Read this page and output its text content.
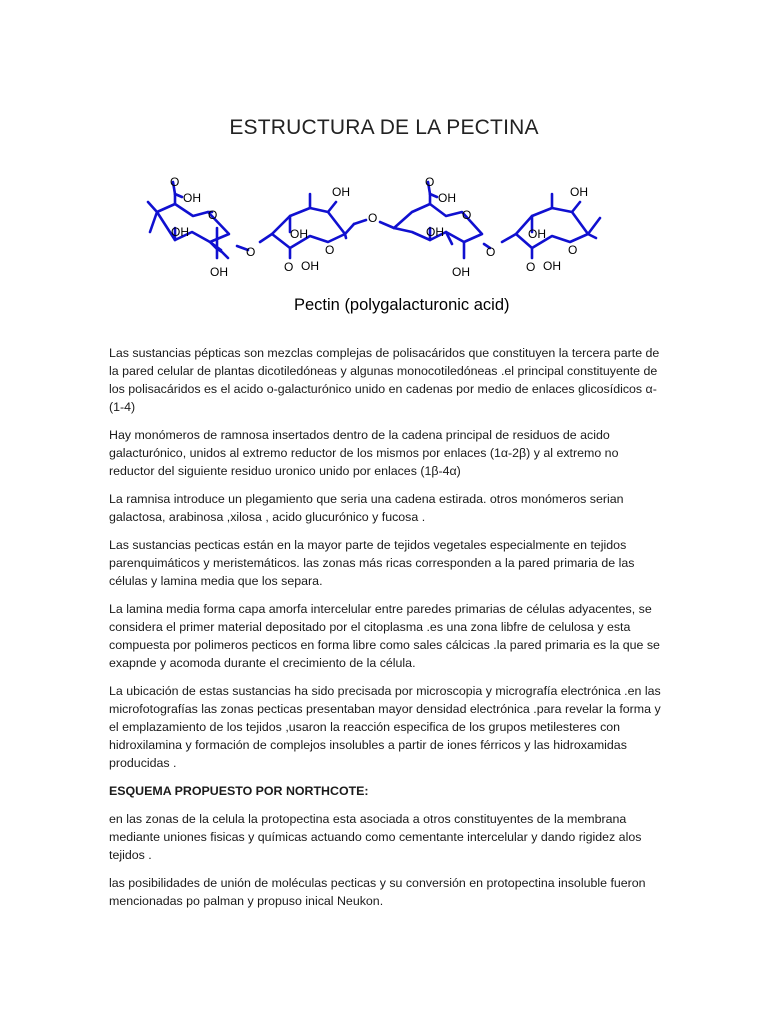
ESTRUCTURA DE LA PECTINA
O
OH
O
OH
OH
O
OH
OH
O
O OH
O
O
OH
O
OH
OH
O
OH
OH
O
O OH
Pectin (polygalacturonic acid)

Las sustancias pépticas son mezclas complejas de polisacáridos que constituyen la tercera parte de la pared celular de plantas dicotiledóneas y algunas monocotiledóneas .el principal constituyente de los polisacáridos es el acido o-galacturónico unido en cadenas por medio de enlaces glicosídicos α-(1-4)

Hay monómeros de ramnosa insertados dentro de la cadena principal de residuos de acido galacturónico, unidos al extremo reductor de los mismos por enlaces (1α-2β) y al extremo no reductor del siguiente residuo uronico unido por enlaces (1β-4α)

La ramnisa introduce un plegamiento que seria una cadena estirada. otros monómeros serian galactosa, arabinosa ,xilosa , acido glucurónico y fucosa .

Las sustancias pecticas están en la mayor parte de tejidos vegetales especialmente en tejidos parenquimáticos y meristemáticos. las zonas más ricas corresponden a la pared primaria de las células y lamina media que los separa.

La lamina media forma capa amorfa intercelular entre paredes primarias de células adyacentes, se considera el primer material depositado por el citoplasma .es una zona libfre de celulosa y esta compuesta por polimeros pecticos en forma libre como sales cálcicas .la pared primaria es la que se exapnde y acomoda durante el crecimiento de la célula.

La ubicación de estas sustancias ha sido precisada por microscopia y micrografía electrónica .en las microfotografías las zonas pecticas presentaban mayor densidad electrónica .para revelar la forma y el emplazamiento de los tejidos ,usaron la reacción especifica de los grupos metilesteres con hidroxilamina y formación de complejos insolubles a partir de iones férricos y las hidroxamidas producidas .

ESQUEMA PROPUESTO POR NORTHCOTE:

en las zonas de la celula la protopectina esta asociada a otros constituyentes de la membrana mediante uniones fisicas y químicas actuando como cementante intercelular y dando rigidez alos tejidos .

las posibilidades de unión de moléculas pecticas y su conversión en protopectina insoluble fueron mencionadas po palman y propuso inical Neukon.
